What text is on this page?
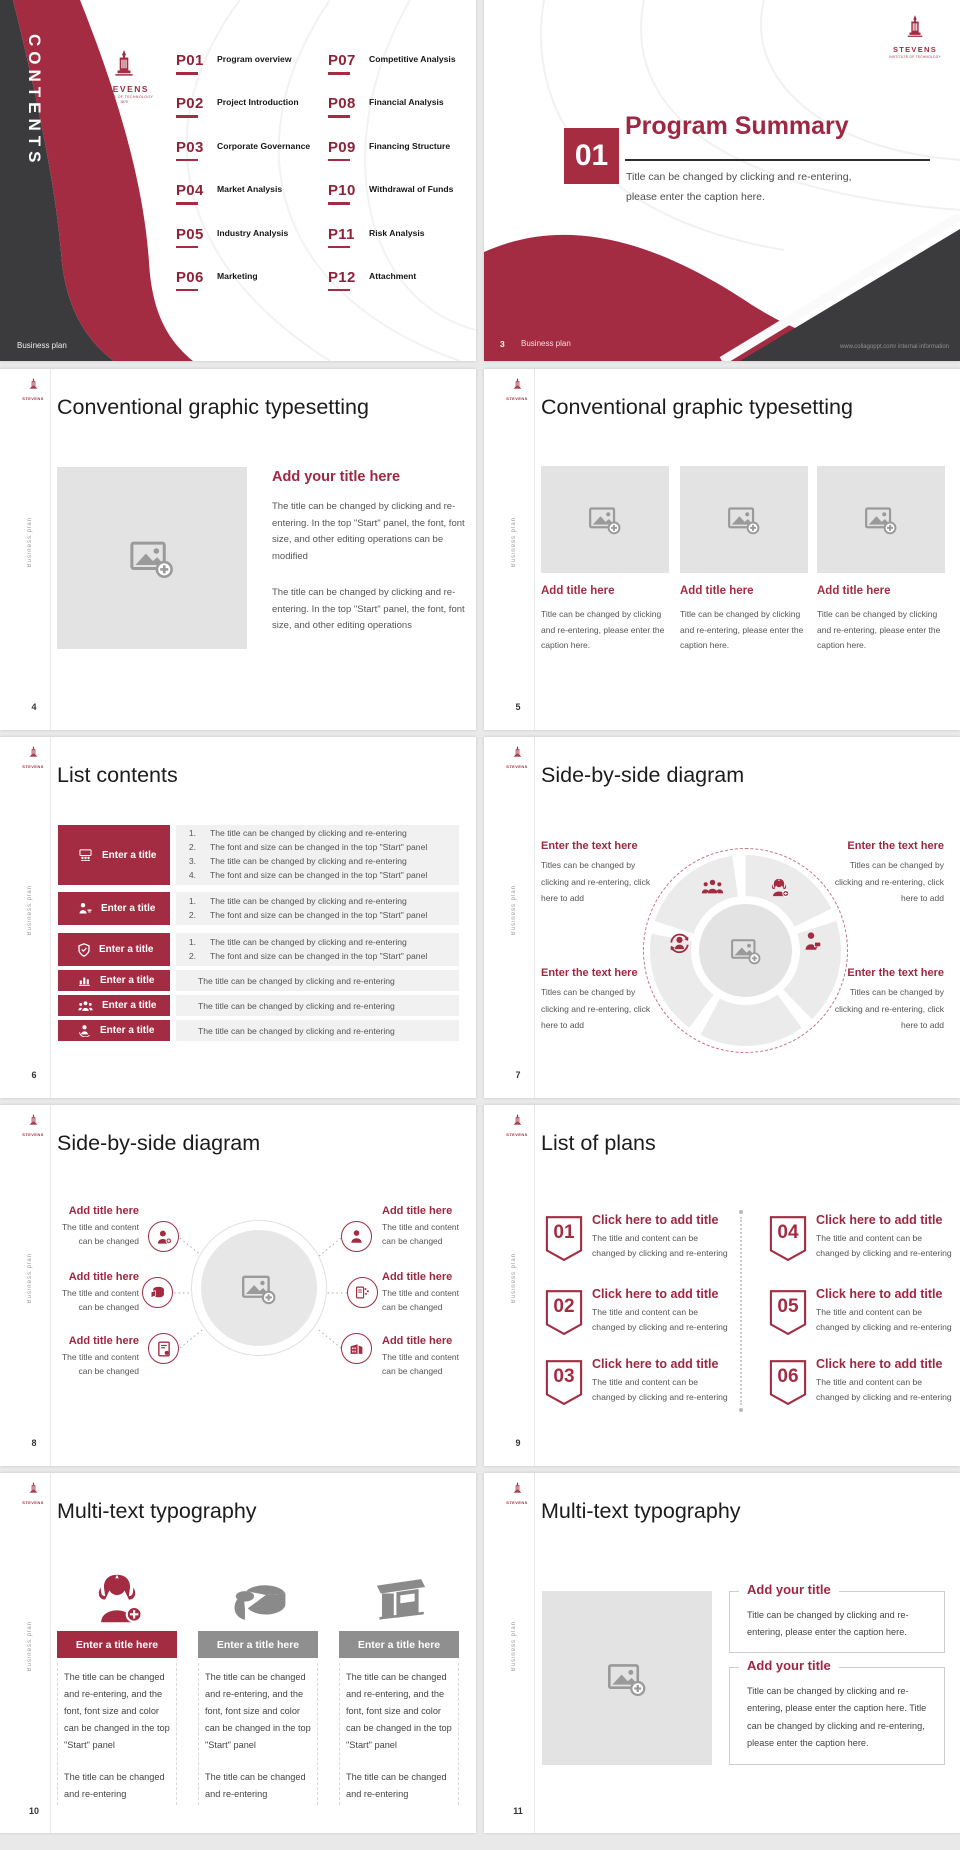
CONTENTS	STEVENS
INSTITUTE OF TECHNOLOGY
1870
P01 Program overview
P02 Project Introduction
P03 Corporate Governance
P04 Market Analysis
P05 Industry Analysis
P06 Marketing
P07 Competitive Analysis
P08 Financial Analysis
P09 Financing Structure
P10 Withdrawal of Funds
P11 Risk Analysis
P12 Attachment
Business plan
01
Program Summary
Title can be changed by clicking and re-entering,
please enter the caption here.
STEVENS
INSTITUTE OF TECHNOLOGY
3 Business plan	www.collagoppt.com/ internal information
STEVENS
Business plan
4
Conventional graphic typesetting
Add your title here
The title can be changed by clicking and re-entering. In the top "Start" panel, the font, font size, and other editing operations can be modified
The title can be changed by clicking and re-entering. In the top "Start" panel, the font, font size, and other editing operations
STEVENS
Business plan
5
Conventional graphic typesetting
Add title here	Add title here	Add title here
Title can be changed by clicking and re-entering, please enter the caption here.
Title can be changed by clicking and re-entering, please enter the caption here.
Title can be changed by clicking and re-entering, please enter the caption here.
STEVENS
Business plan
6
List contents
Enter a title
1.	The title can be changed by clicking and re-entering
2.	The font and size can be changed in the top "Start" panel
3.	The title can be changed by clicking and re-entering
4.	The font and size can be changed in the top "Start" panel
Enter a title
1.	The title can be changed by clicking and re-entering
2.	The font and size can be changed in the top "Start" panel
Enter a title
1.	The title can be changed by clicking and re-entering
2.	The font and size can be changed in the top "Start" panel
Enter a title	The title can be changed by clicking and re-entering
Enter a title	The title can be changed by clicking and re-entering
Enter a title	The title can be changed by clicking and re-entering
STEVENS
Business plan
7
Side-by-side diagram
Enter the text here
Titles can be changed by clicking and re-entering, click here to add
Enter the text here
Titles can be changed by clicking and re-entering, click here to add
Enter the text here
Titles can be changed by clicking and re-entering, click here to add
Enter the text here
Titles can be changed by clicking and re-entering, click here to add
STEVENS
Business plan
8
Side-by-side diagram
Add title here
The title and content can be changed
Add title here
The title and content can be changed
Add title here
The title and content can be changed
Add title here
The title and content can be changed
Add title here
The title and content can be changed
Add title here
The title and content can be changed
STEVENS
Business plan
9
List of plans
01
Click here to add title
The title and content can be changed by clicking and re-entering
02
Click here to add title
The title and content can be changed by clicking and re-entering
03
Click here to add title
The title and content can be changed by clicking and re-entering
04
Click here to add title
The title and content can be changed by clicking and re-entering
05
Click here to add title
The title and content can be changed by clicking and re-entering
06
Click here to add title
The title and content can be changed by clicking and re-entering
STEVENS
Business plan
10
Multi-text typography
Enter a title here
The title can be changed and re-entering, and the font, font size and color can be changed in the top "Start" panel
The title can be changed and re-entering
Enter a title here
The title can be changed and re-entering, and the font, font size and color can be changed in the top "Start" panel
The title can be changed and re-entering
Enter a title here
The title can be changed and re-entering, and the font, font size and color can be changed in the top "Start" panel
The title can be changed and re-entering
STEVENS
Business plan
11
Multi-text typography
Add your title
Title can be changed by clicking and re-entering, please enter the caption here.
Add your title
Title can be changed by clicking and re-entering, please enter the caption here. Title can be changed by clicking and re-entering, please enter the caption here.
